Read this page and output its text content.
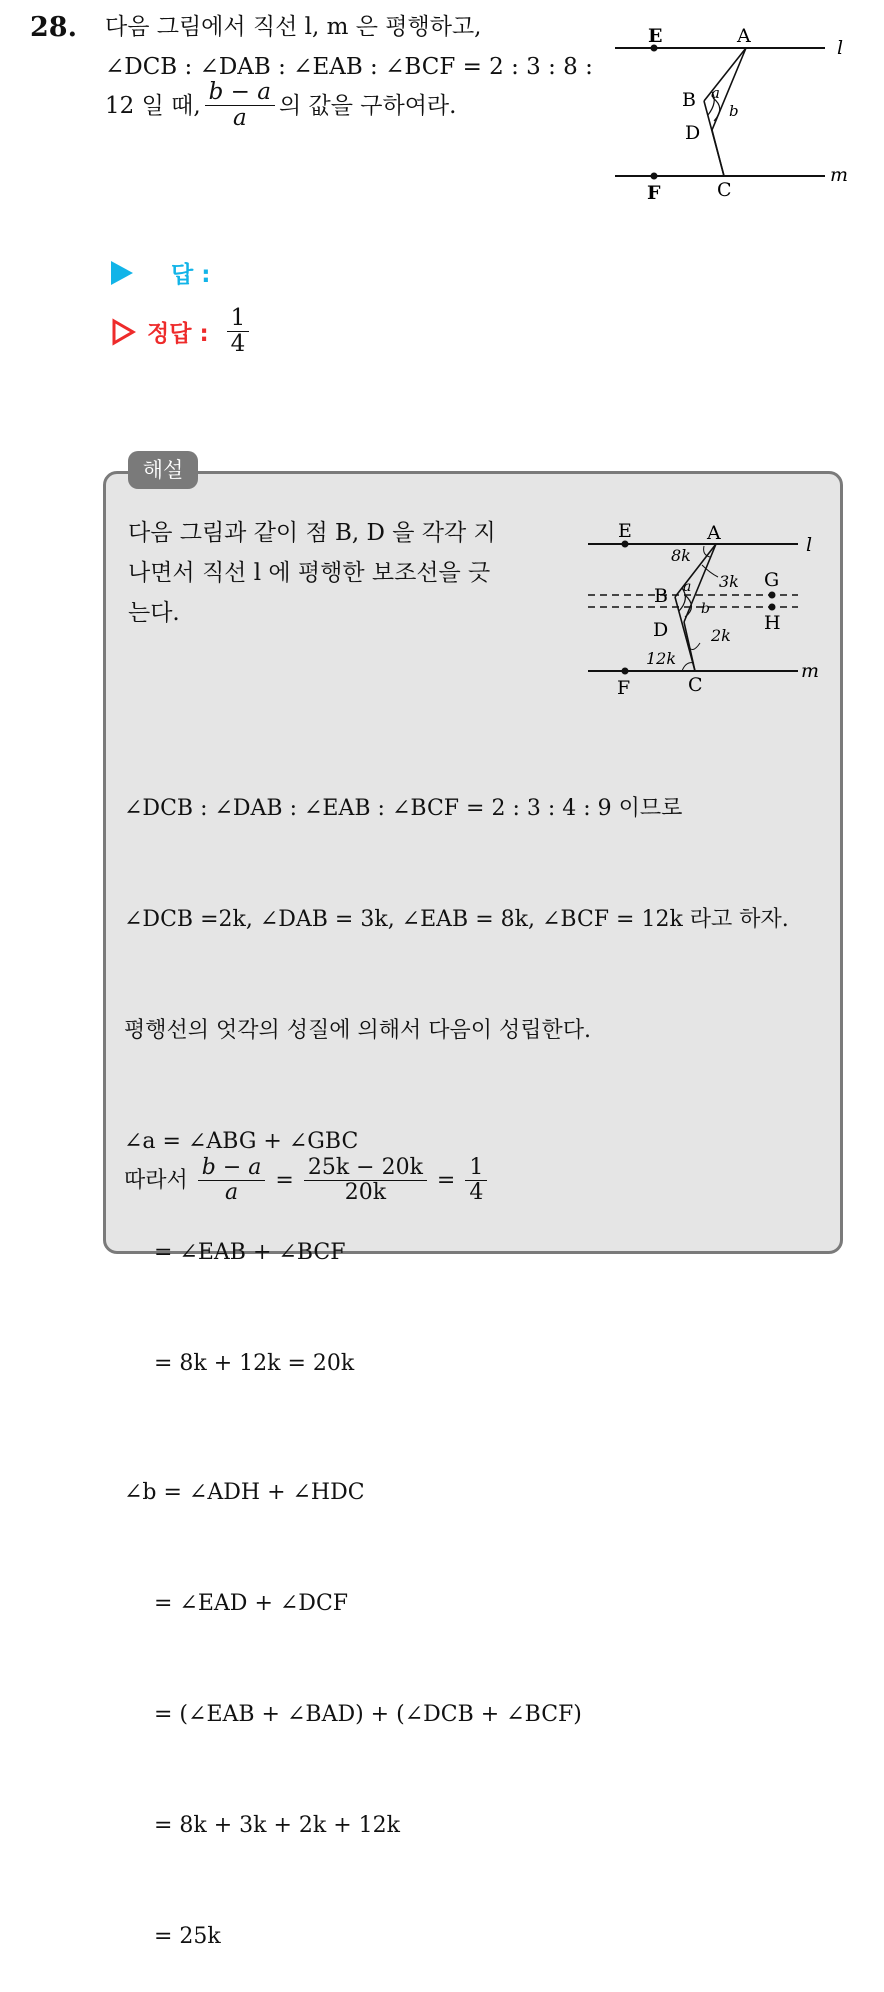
28. 다음 그림에서 직선 l, m 은 평행하고,
∠DCB : ∠DAB : ∠EAB : ∠BCF = 2 : 3 : 8 :
12 일 때, $\frac{b - a}{a}$ 의 값을 구하여라.
E	A
l
B a
b
D
F	C
m
답 :
정답 : $\frac{1}{4}$
해설
다음 그림과 같이 점 B, D 을 각각 지
나면서 직선 l 에 평행한 보조선을 긋
는다.
E	A
l
8k
a 3k G
B
b
H
D	2k
12k
F	C
m

∠DCB : ∠DAB : ∠EAB : ∠BCF = 2 : 3 : 4 : 9 이므로

∠DCB =2k, ∠DAB = 3k, ∠EAB = 8k, ∠BCF = 12k 라고 하자.

평행선의 엇각의 성질에 의해서 다음이 성립한다.

∠a = ∠ABG + ∠GBC

= ∠EAB + ∠BCF

= 8k + 12k = 20k

∠b = ∠ADH + ∠HDC

= ∠EAD + ∠DCF

= (∠EAB + ∠BAD) + (∠DCB + ∠BCF)

= 8k + 3k + 2k + 12k

= 25k

따라서 $\frac{b - a}{a} = \frac{25k - 20k}{20k} = \frac{1}{4}$
